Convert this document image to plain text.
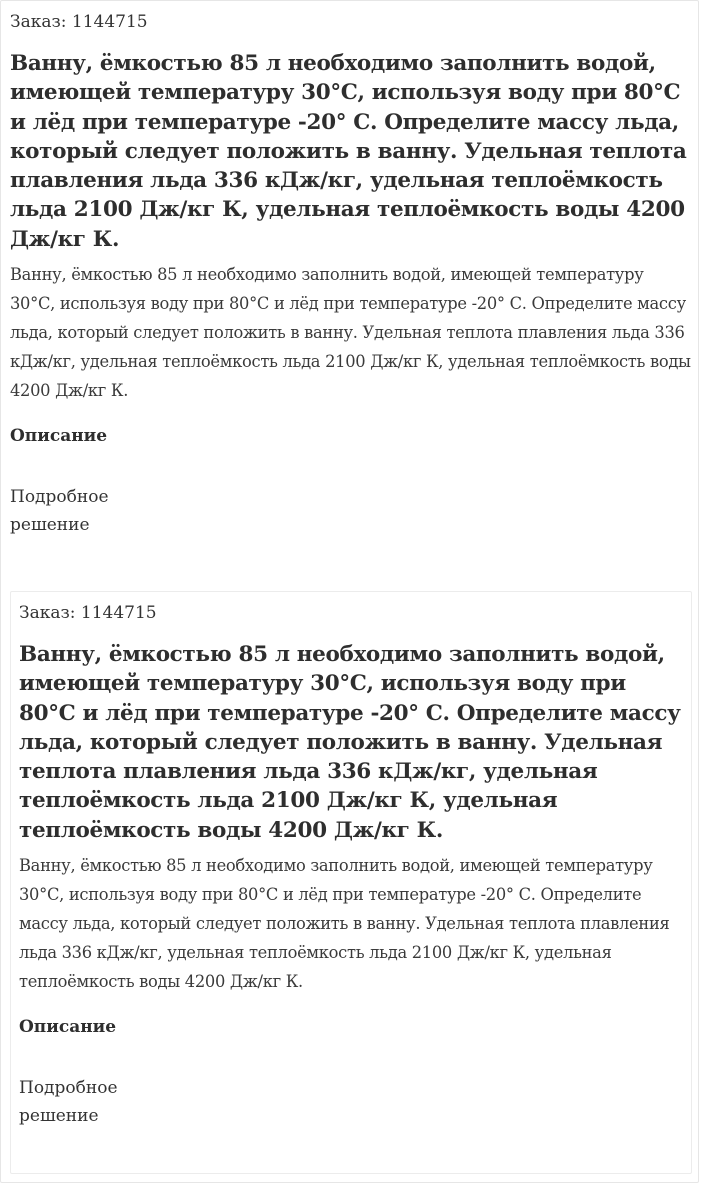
Заказ: 1144715
Ванну, ёмкостью 85 л необходимо заполнить водой, имеющей температуру 30°С, используя воду при 80°С и лёд при температуре -20° С. Определите массу льда, который следует положить в ванну. Удельная теплота плавления льда 336 кДж/кг, удельная теплоёмкость льда 2100 Дж/кг К, удельная теплоёмкость воды 4200 Дж/кг К.
Ванну, ёмкостью 85 л необходимо заполнить водой, имеющей температуру 30°С, используя воду при 80°С и лёд при температуре -20° С. Определите массу льда, который следует положить в ванну. Удельная теплота плавления льда 336 кДж/кг, удельная теплоёмкость льда 2100 Дж/кг К, удельная теплоёмкость воды 4200 Дж/кг К.
Описание
Подробное решение
Заказ: 1144715
Ванну, ёмкостью 85 л необходимо заполнить водой, имеющей температуру 30°С, используя воду при 80°С и лёд при температуре -20° С. Определите массу льда, который следует положить в ванну. Удельная теплота плавления льда 336 кДж/кг, удельная теплоёмкость льда 2100 Дж/кг К, удельная теплоёмкость воды 4200 Дж/кг К.
Ванну, ёмкостью 85 л необходимо заполнить водой, имеющей температуру 30°С, используя воду при 80°С и лёд при температуре -20° С. Определите массу льда, который следует положить в ванну. Удельная теплота плавления льда 336 кДж/кг, удельная теплоёмкость льда 2100 Дж/кг К, удельная теплоёмкость воды 4200 Дж/кг К.
Описание
Подробное решение
